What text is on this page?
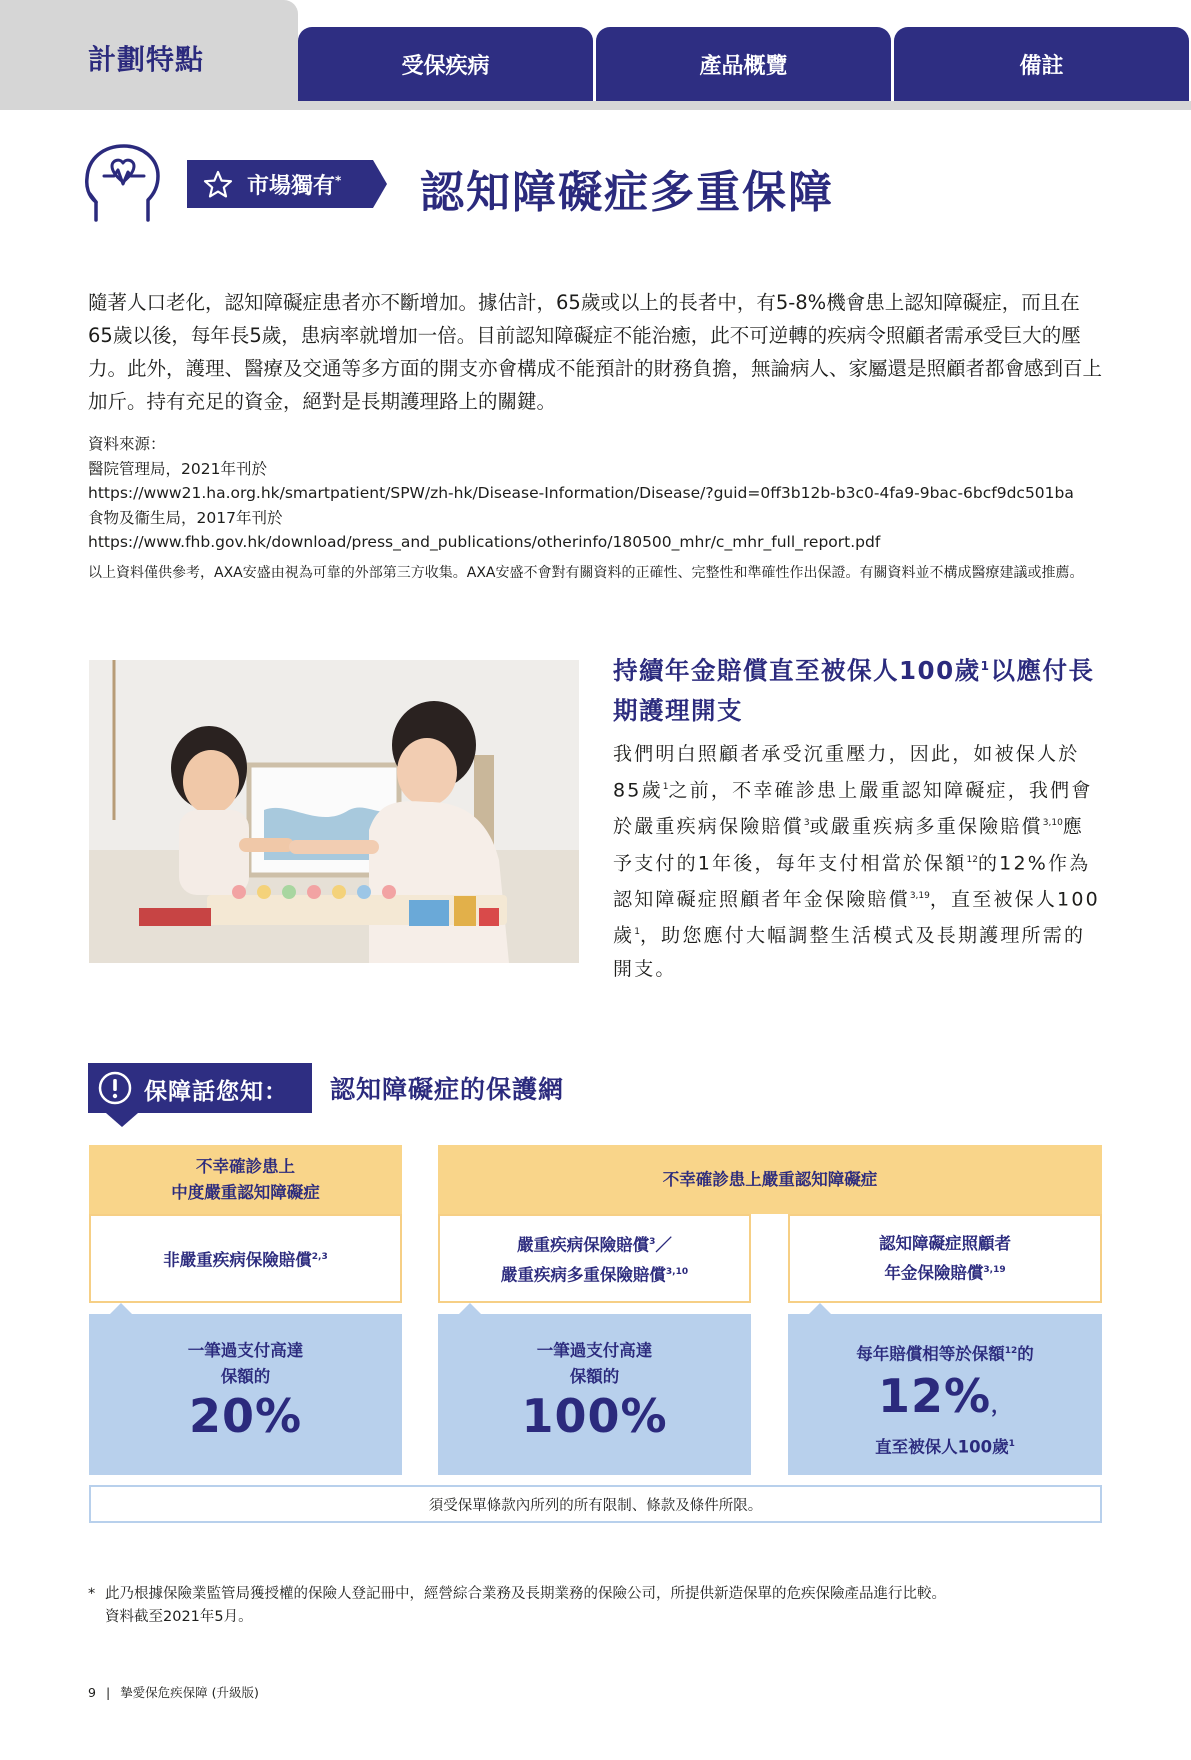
計劃特點	受保疾病	產品概覽	備註
市場獨有* 認知障礙症多重保障

隨著人口老化，認知障礙症患者亦不斷增加。據估計，65歲或以上的長者中，有5-8%機會患上認知障礙症，而且在65歲以後，每年長5歲，患病率就增加一倍。目前認知障礙症不能治癒，此不可逆轉的疾病令照顧者需承受巨大的壓力。此外，護理、醫療及交通等多方面的開支亦會構成不能預計的財務負擔，無論病人、家屬還是照顧者都會感到百上加斤。持有充足的資金，絕對是長期護理路上的關鍵。

資料來源：
醫院管理局，2021年刊於
https://www21.ha.org.hk/smartpatient/SPW/zh-hk/Disease-Information/Disease/?guid=0ff3b12b-b3c0-4fa9-9bac-6bcf9dc501ba
食物及衞生局，2017年刊於
https://www.fhb.gov.hk/download/press_and_publications/otherinfo/180500_mhr/c_mhr_full_report.pdf

以上資料僅供參考，AXA安盛由視為可靠的外部第三方收集。AXA安盛不會對有關資料的正確性、完整性和準確性作出保證。有關資料並不構成醫療建議或推薦。

持續年金賠償直至被保人100歲$^1$以應付長期護理開支

我們明白照顧者承受沉重壓力，因此，如被保人於85歲$^1$之前，不幸確診患上嚴重認知障礙症，我們會於嚴重疾病保險賠償$^3$或嚴重疾病多重保險賠償$^{3,10}$應予支付的1年後，每年支付相當於保額$^{12}$的12%作為認知障礙症照顧者年金保險賠償$^{3,19}$，直至被保人100歲$^1$，助您應付大幅調整生活模式及長期護理所需的開支。

保障話您知： 認知障礙症的保護網
不幸確診患上
中度嚴重認知障礙症
不幸確診患上嚴重認知障礙症
非嚴重疾病保險賠償$^{2,3}$
嚴重疾病保險賠償$^3$／
嚴重疾病多重保險賠償$^{3,10}$
認知障礙症照顧者
年金保險賠償$^{3,19}$
一筆過支付高達
保額的
20%
一筆過支付高達
保額的
100%
每年賠償相等於保額$^{12}$的
12%，
直至被保人100歲$^1$
須受保單條款內所列的所有限制、條款及條件所限。
* 此乃根據保險業監管局獲授權的保險人登記冊中，經營綜合業務及長期業務的保險公司，所提供新造保單的危疾保險產品進行比較。
資料截至2021年5月。
9 | 摯愛保危疾保障 (升級版)
